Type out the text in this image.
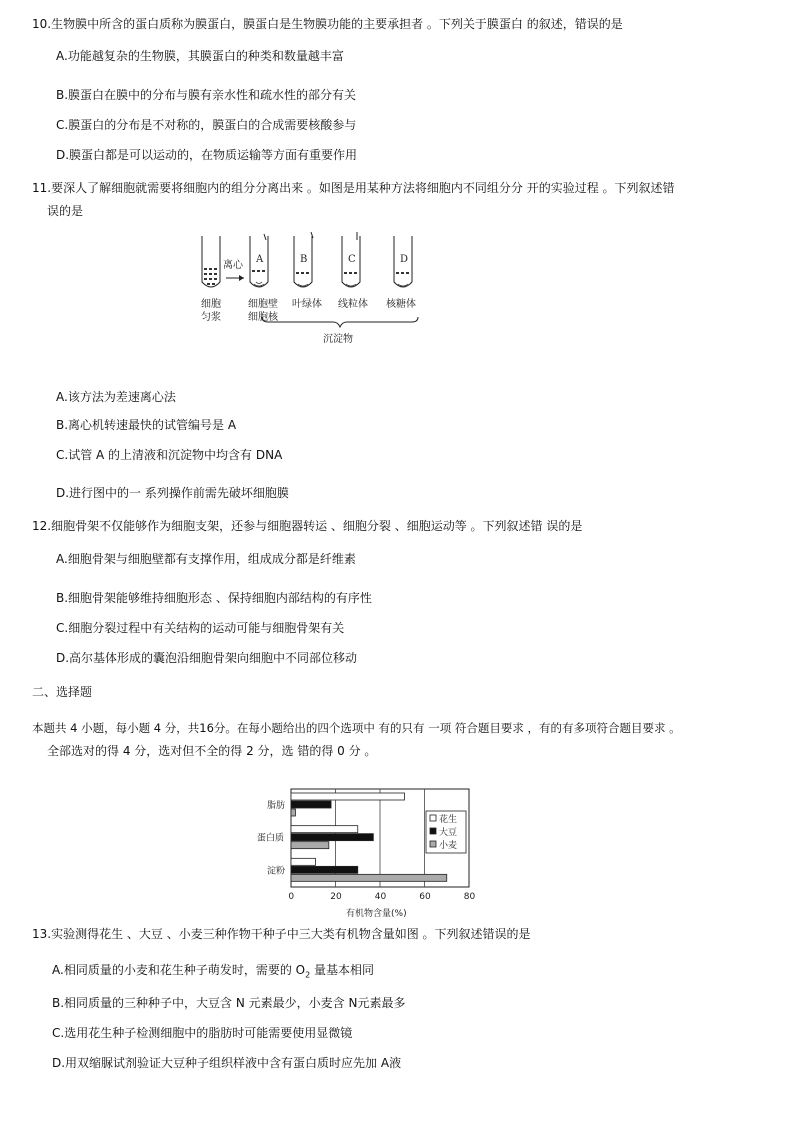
10.生物膜中所含的蛋白质称为膜蛋白，膜蛋白是生物膜功能的主要承担者 。下列关于膜蛋白 的叙述，错误的是
A.功能越复杂的生物膜，其膜蛋白的种类和数量越丰富
B.膜蛋白在膜中的分布与膜有亲水性和疏水性的部分有关
C.膜蛋白的分布是不对称的，膜蛋白的合成需要核酸参与
D.膜蛋白都是可以运动的，在物质运输等方面有重要作用
11.要深人了解细胞就需要将细胞内的组分分离出来 。如图是用某种方法将细胞内不同组分分 开的实验过程 。下列叙述错
误的是
离心
A	B	C	D
细胞
匀浆
细胞壁
细胞核
叶绿体 线粒体 核糖体
沉淀物
A.该方法为差速离心法
B.离心机转速最快的试管编号是 A
C.试管 A 的上清液和沉淀物中均含有 DNA
D.进行图中的一 系列操作前需先破坏细胞膜
12.细胞骨架不仅能够作为细胞支架，还参与细胞器转运 、细胞分裂 、细胞运动等 。下列叙述错 误的是
A.细胞骨架与细胞壁都有支撑作用，组成成分都是纤维素
B.细胞骨架能够维持细胞形态 、保持细胞内部结构的有序性
C.细胞分裂过程中有关结构的运动可能与细胞骨架有关
D.高尔基体形成的囊泡沿细胞骨架向细胞中不同部位移动
二、选择题
本题共 4 小题，每小题 4 分，共16分。在每小题给出的四个选项中 有的只有 一项 符合题目要求 ，有的有多项符合题目要求 。
全部选对的得 4 分，选对但不全的得 2 分，选 错的得 0 分 。
脂肪
蛋白质
淀粉
0	20	40	60	80
花生
大豆
小麦
有机物含量(%)
13.实验测得花生 、大豆 、小麦三种作物干种子中三大类有机物含量如图 。下列叙述错误的是
A.相同质量的小麦和花生种子萌发时，需要的 $O_2$ 量基本相同
B.相同质量的三种种子中，大豆含 N 元素最少，小麦含 N元素最多
C.选用花生种子检测细胞中的脂肪时可能需要使用显微镜
D.用双缩脲试剂验证大豆种子组织样液中含有蛋白质时应先加 A液
